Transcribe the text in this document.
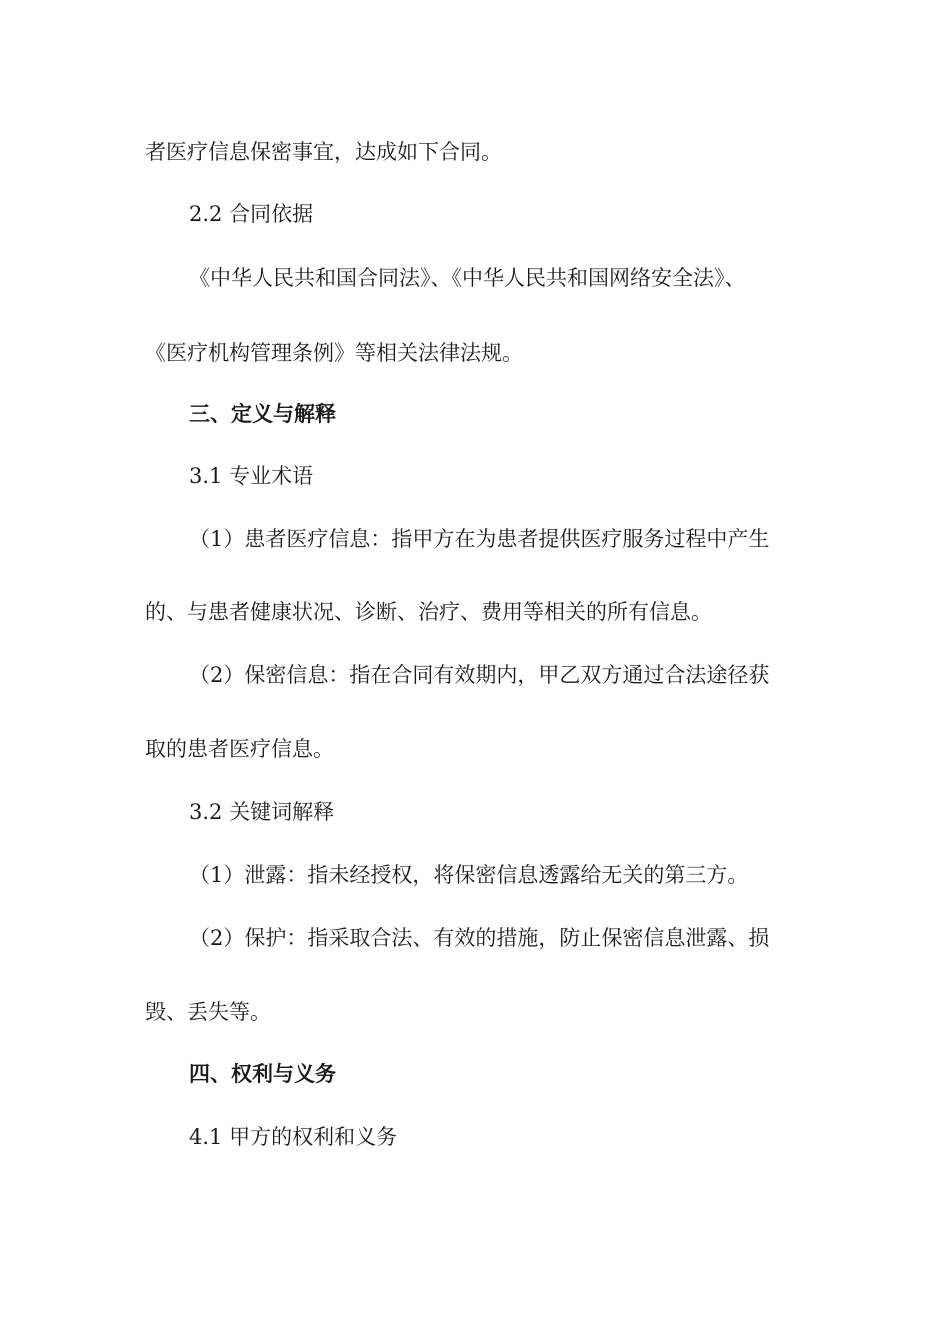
者医疗信息保密事宜，达成如下合同。

2.2 合同依据

《中华人民共和国合同法》、《中华人民共和国网络安全法》、

《医疗机构管理条例》等相关法律法规。

三、定义与解释

3.1 专业术语

（1）患者医疗信息：指甲方在为患者提供医疗服务过程中产生

的、与患者健康状况、诊断、治疗、费用等相关的所有信息。

（2）保密信息：指在合同有效期内，甲乙双方通过合法途径获

取的患者医疗信息。

3.2 关键词解释

（1）泄露：指未经授权，将保密信息透露给无关的第三方。

（2）保护：指采取合法、有效的措施，防止保密信息泄露、损

毁、丢失等。

四、权利与义务

4.1 甲方的权利和义务
